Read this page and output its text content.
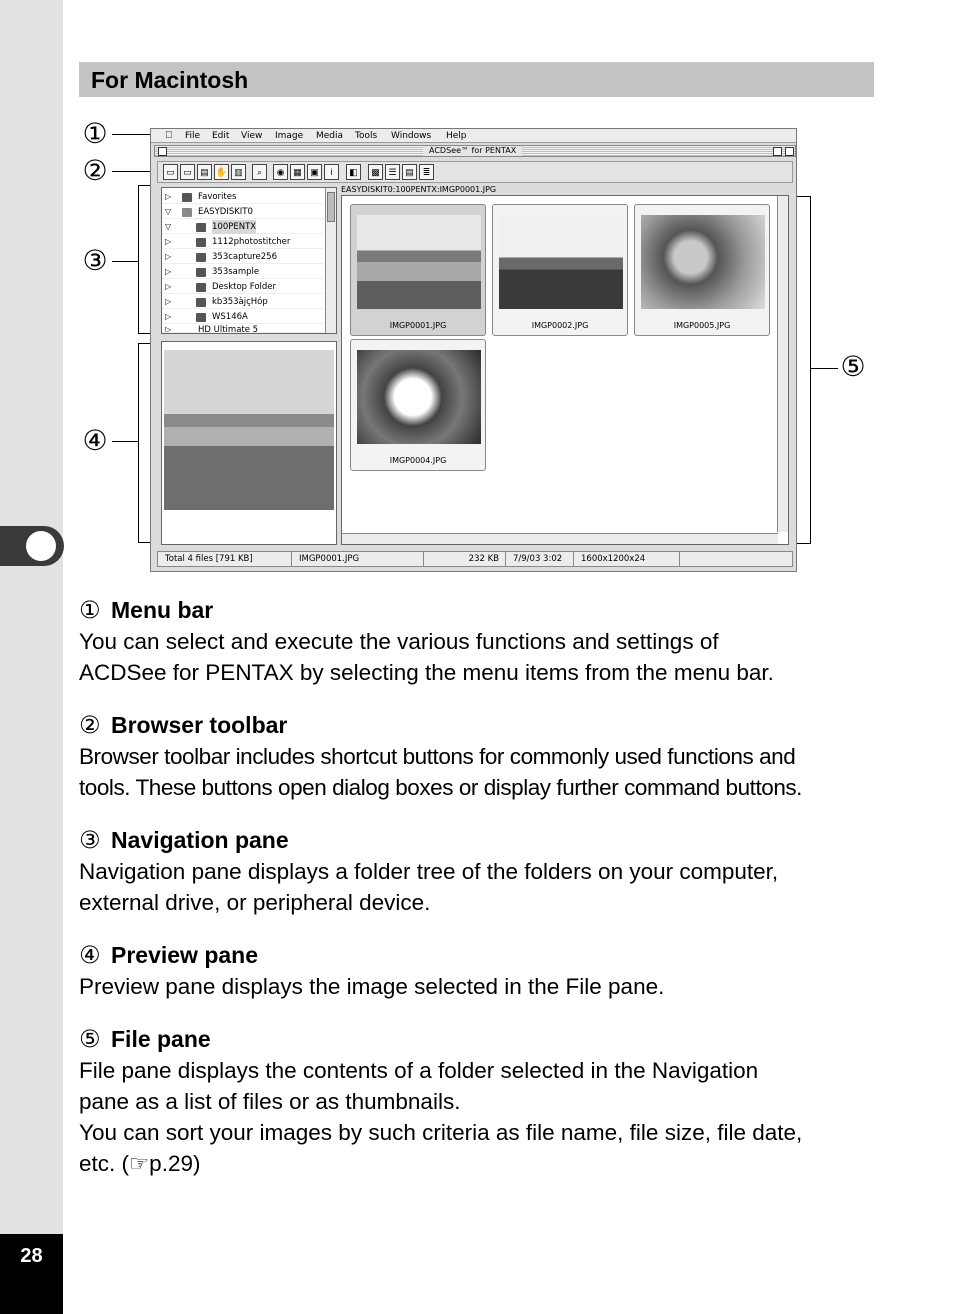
28
For Macintosh
①
②
③
④
⑤
File Edit View Image Media Tools Windows Help
ACDSee™ for PENTAX
▭ ▭ ▤ ✋ ▥	⌕	◉ ▦ ▣	i	◧	▩ ☰ ▤ ≣
▷	Favorites
▽	EASYDISKIT0
▽	100PENTX
▷	1112photostitcher
▷	353capture256
▷	353sample
▷	Desktop Folder
▷	kb353àjçHóp
▷	WS146A
▷	HD Ultimate 5
EASYDISKIT0:100PENTX:IMGP0001.JPG
IMGP0001.JPG	IMGP0002.JPG	IMGP0005.JPG
IMGP0004.JPG
Total 4 files [791 KB]	IMGP0001.JPG	232 KB	7/9/03 3:02	1600x1200x24
① Menu bar
You can select and execute the various functions and settings of
ACDSee for PENTAX by selecting the menu items from the menu bar.
② Browser toolbar
Browser toolbar includes shortcut buttons for commonly used functions and
tools. These buttons open dialog boxes or display further command buttons.
③ Navigation pane
Navigation pane displays a folder tree of the folders on your computer,
external drive, or peripheral device.
④ Preview pane
Preview pane displays the image selected in the File pane.
⑤ File pane
File pane displays the contents of a folder selected in the Navigation
pane as a list of files or as thumbnails.
You can sort your images by such criteria as file name, file size, file date,
etc. (☞p.29)
